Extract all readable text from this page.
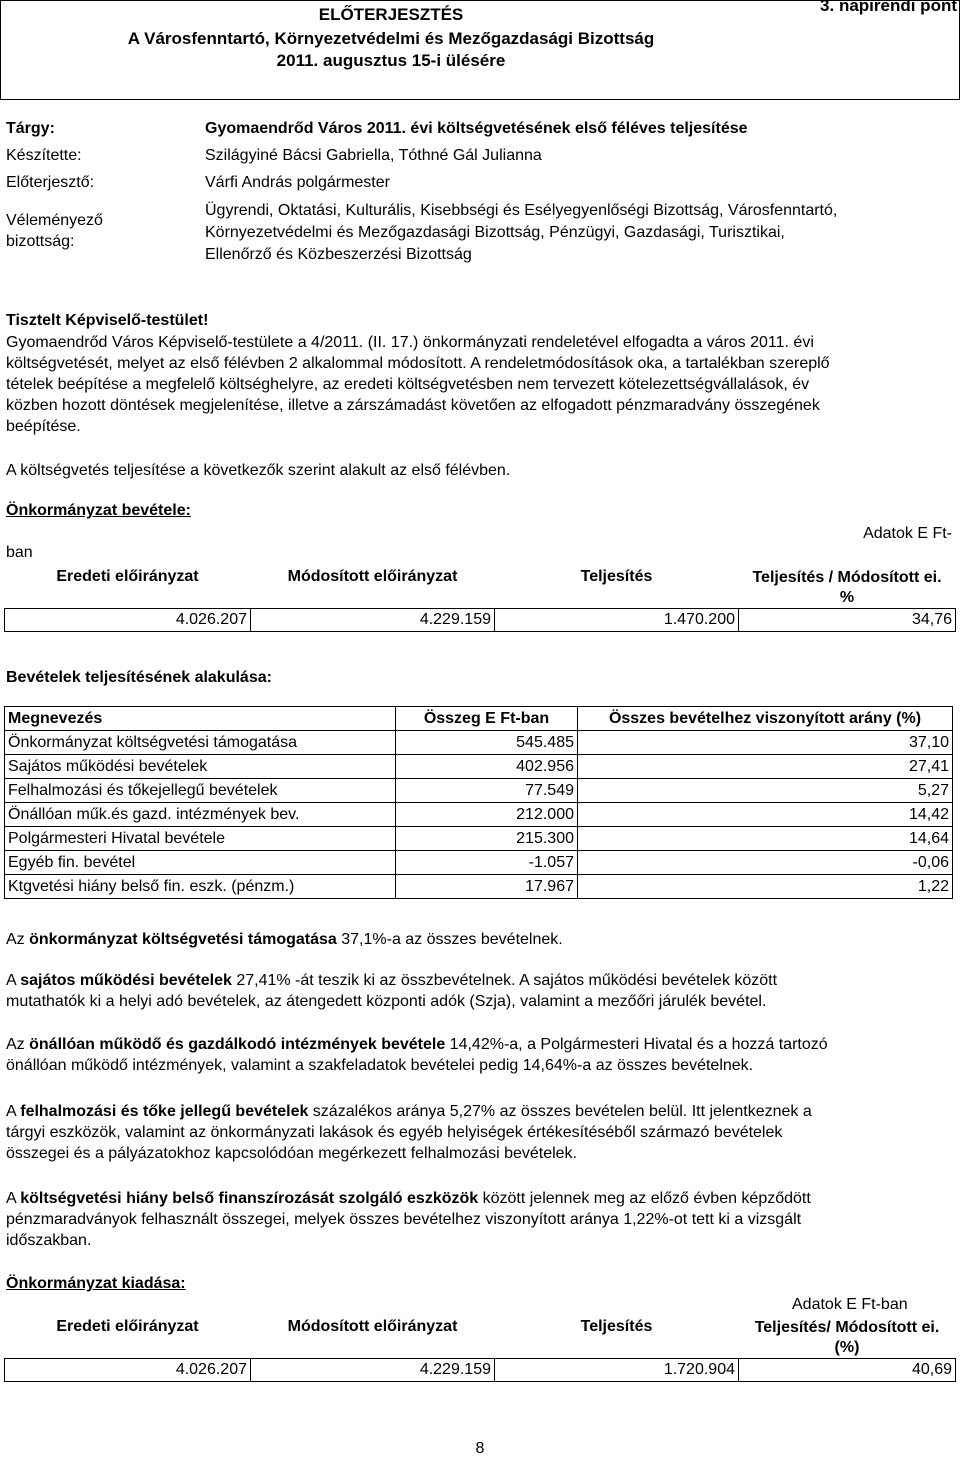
ELŐTERJESZTÉS
A Városfenntartó, Környezetvédelmi és Mezőgazdasági Bizottság
2011. augusztus 15-i ülésére
3. napirendi pont
Tárgy:	Gyomaendrőd Város 2011. évi költségvetésének első féléves teljesítése
Készítette:	Szilágyiné Bácsi Gabriella, Tóthné Gál Julianna
Előterjesztő:	Várfi András polgármester
Véleményező
bizottság:
Ügyrendi, Oktatási, Kulturális, Kisebbségi és Esélyegyenlőségi Bizottság, Városfenntartó,
Környezetvédelmi és Mezőgazdasági Bizottság, Pénzügyi, Gazdasági, Turisztikai,
Ellenőrző és Közbeszerzési Bizottság
Tisztelt Képviselő-testület!
Gyomaendrőd Város Képviselő-testülete a 4/2011. (II. 17.) önkormányzati rendeletével elfogadta a város 2011. évi
költségvetését, melyet az első félévben 2 alkalommal módosított. A rendeletmódosítások oka, a tartalékban szereplő
tételek beépítése a megfelelő költséghelyre, az eredeti költségvetésben nem tervezett kötelezettségvállalások, év
közben hozott döntések megjelenítése, illetve a zárszámadást követően az elfogadott pénzmaradvány összegének
beépítése.
A költségvetés teljesítése a következők szerint alakult az első félévben.
Önkormányzat bevétele:
Adatok E Ft-
ban
Eredeti előirányzat	Módosított előirányzat	Teljesítés	Teljesítés / Módosított ei.
%

4.026.207	4.229.159	1.470.200	34,76
Bevételek teljesítésének alakulása:
Megnevezés	Összeg E Ft-ban	Összes bevételhez viszonyított arány (%)
Önkormányzat költségvetési támogatása	545.485	37,10
Sajátos működési bevételek	402.956	27,41
Felhalmozási és tőkejellegű bevételek	77.549	5,27
Önállóan műk.és gazd. intézmények bev.	212.000	14,42
Polgármesteri Hivatal bevétele	215.300	14,64
Egyéb fin. bevétel	-1.057	-0,06
Ktgvetési hiány belső fin. eszk. (pénzm.)	17.967	1,22
Az önkormányzat költségvetési támogatása 37,1%-a az összes bevételnek.
A sajátos működési bevételek 27,41% -át teszik ki az összbevételnek. A sajátos működési bevételek között
mutathatók ki a helyi adó bevételek, az átengedett központi adók (Szja), valamint a mezőőri járulék bevétel.
Az önállóan működő és gazdálkodó intézmények bevétele 14,42%-a, a Polgármesteri Hivatal és a hozzá tartozó
önállóan működő intézmények, valamint a szakfeladatok bevételei pedig 14,64%-a az összes bevételnek.
A felhalmozási és tőke jellegű bevételek százalékos aránya 5,27% az összes bevételen belül. Itt jelentkeznek a
tárgyi eszközök, valamint az önkormányzati lakások és egyéb helyiségek értékesítéséből származó bevételek
összegei és a pályázatokhoz kapcsolódóan megérkezett felhalmozási bevételek.
A költségvetési hiány belső finanszírozását szolgáló eszközök között jelennek meg az előző évben képződött
pénzmaradványok felhasznált összegei, melyek összes bevételhez viszonyított aránya 1,22%-ot tett ki a vizsgált
időszakban.
Önkormányzat kiadása:
Adatok E Ft-ban
Eredeti előirányzat	Módosított előirányzat	Teljesítés	Teljesítés/ Módosított ei.
(%)

4.026.207	4.229.159	1.720.904	40,69
8
